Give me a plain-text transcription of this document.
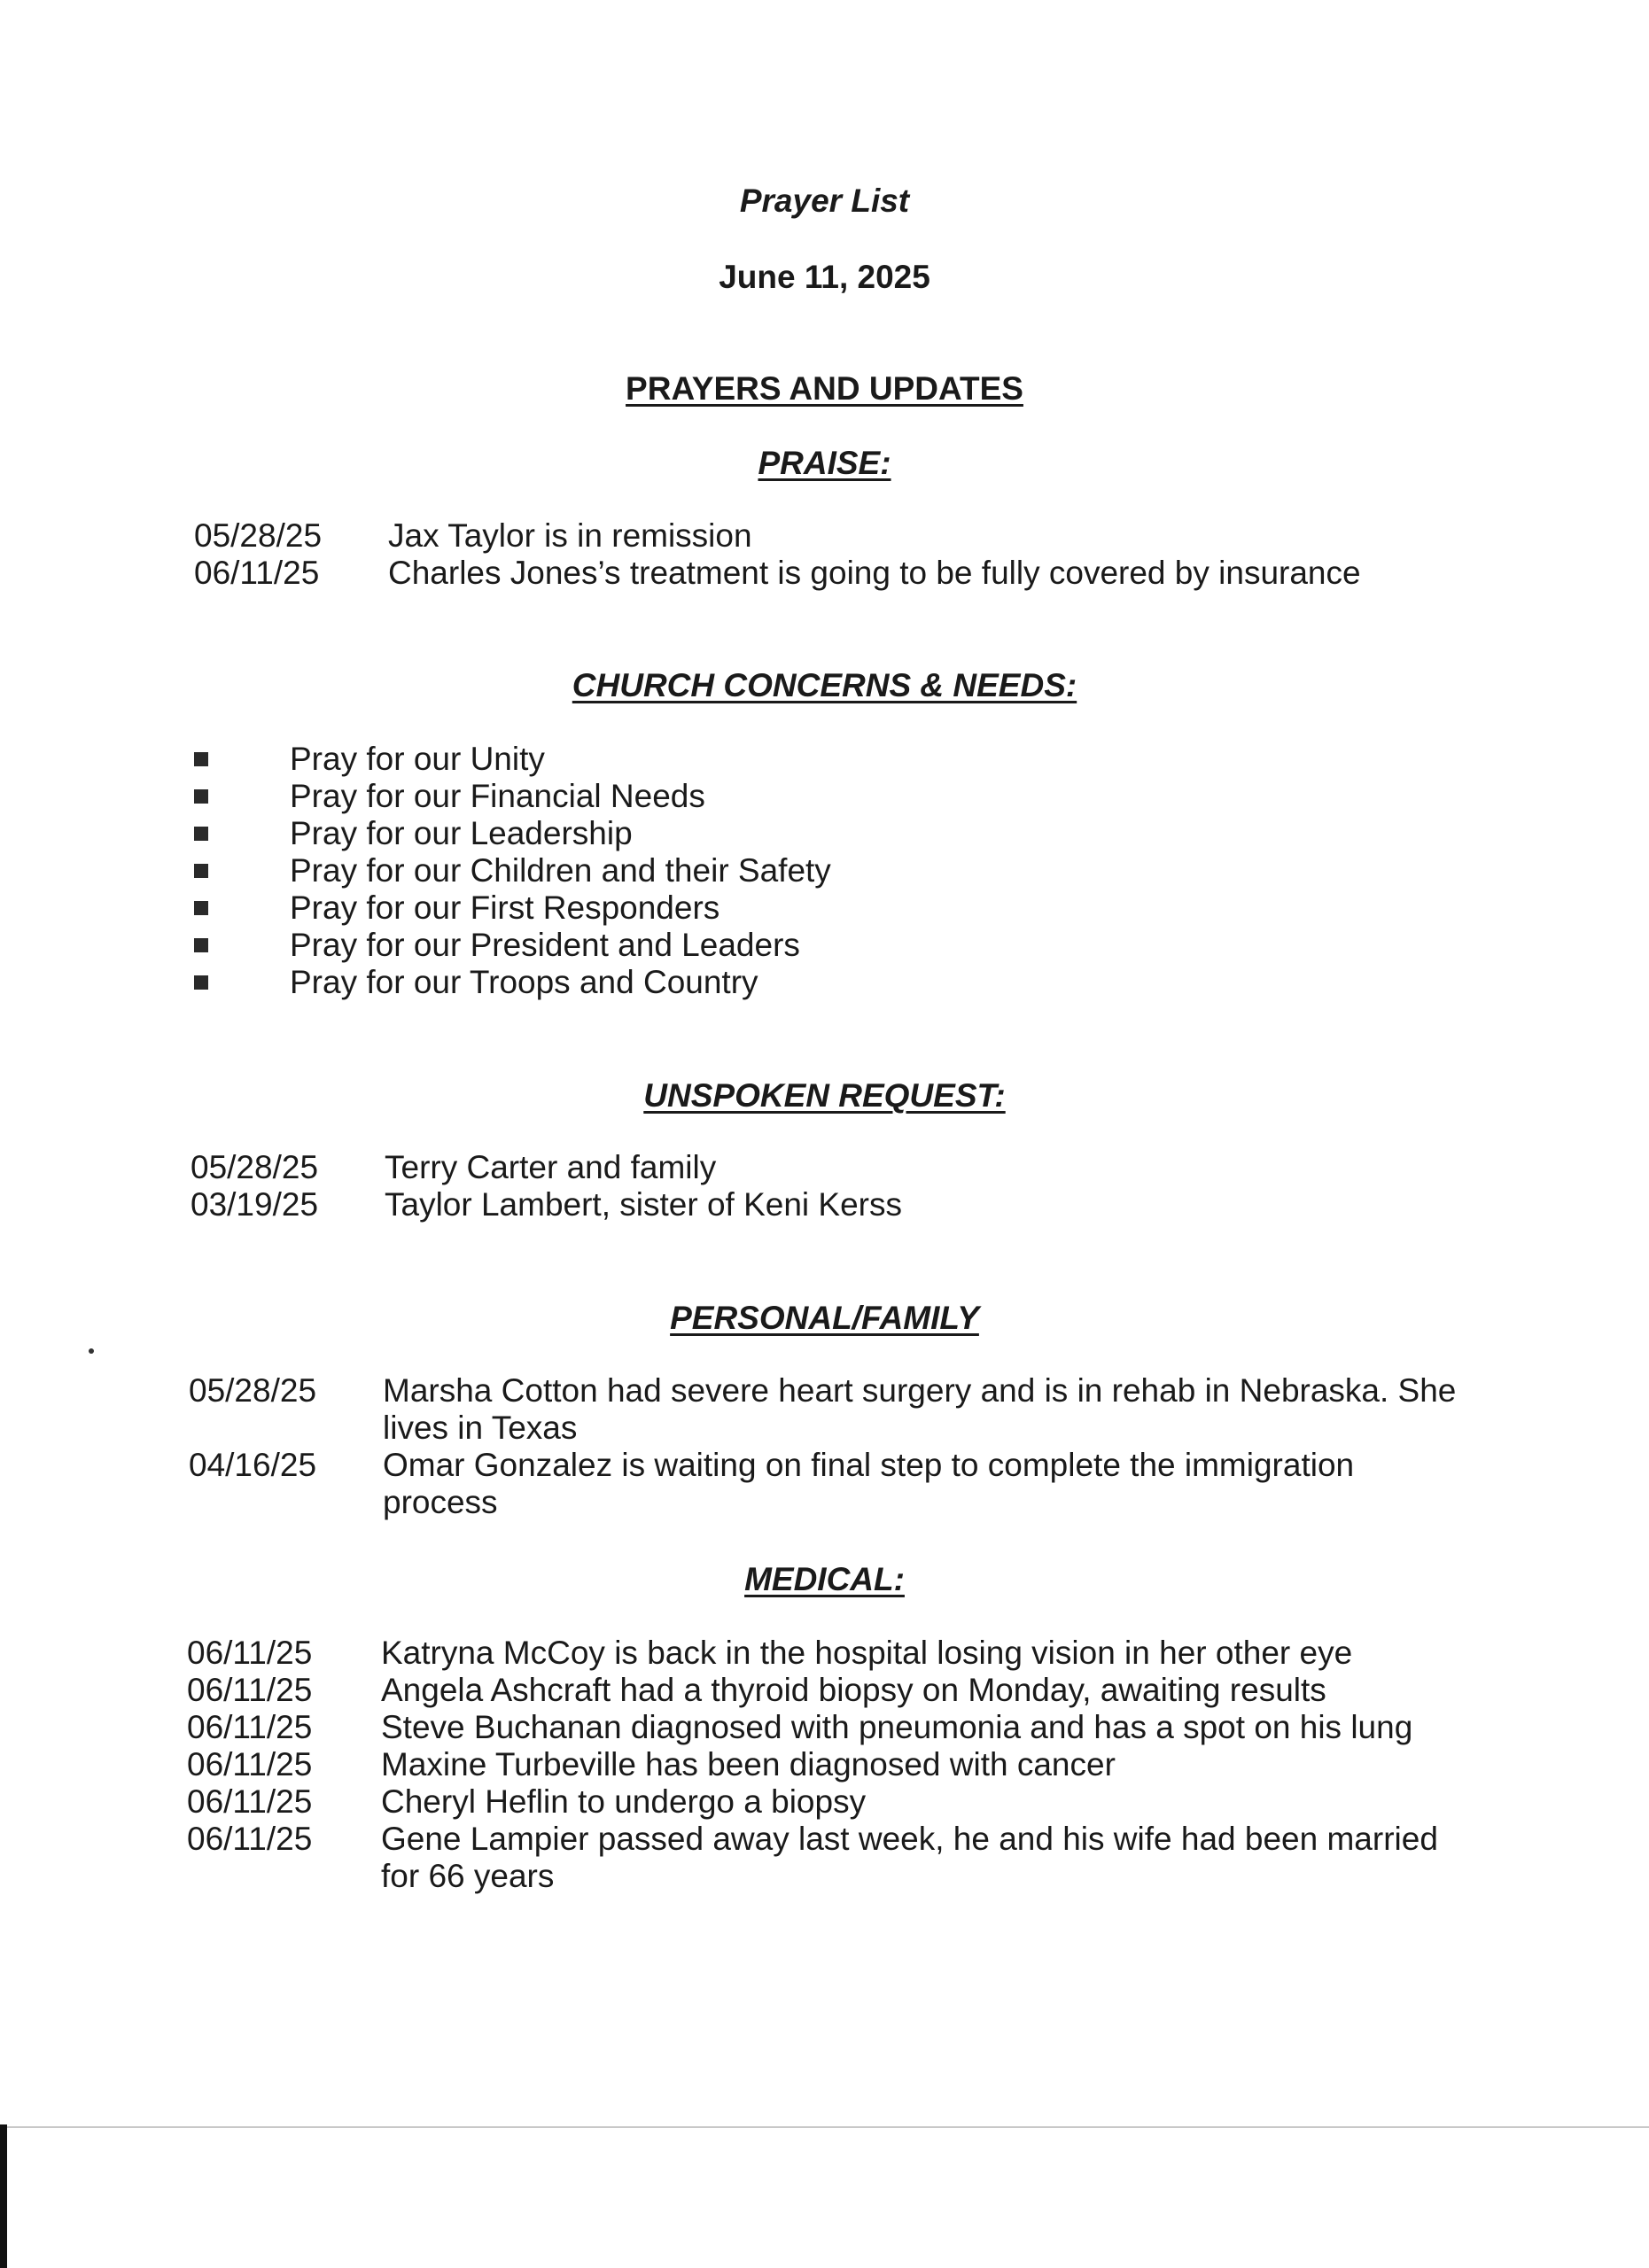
Prayer List
June 11, 2025
PRAYERS AND UPDATES
PRAISE:
05/28/25	Jax Taylor is in remission
06/11/25	Charles Jones’s treatment is going to be fully covered by insurance
CHURCH CONCERNS & NEEDS:
Pray for our Unity
Pray for our Financial Needs
Pray for our Leadership
Pray for our Children and their Safety
Pray for our First Responders
Pray for our President and Leaders
Pray for our Troops and Country
UNSPOKEN REQUEST:
05/28/25	Terry Carter and family
03/19/25	Taylor Lambert, sister of Keni Kerss
PERSONAL/FAMILY
05/28/25	Marsha Cotton had severe heart surgery and is in rehab in Nebraska. She lives in Texas
04/16/25	Omar Gonzalez is waiting on final step to complete the immigration process
MEDICAL:
06/11/25	Katryna McCoy is back in the hospital losing vision in her other eye
06/11/25	Angela Ashcraft had a thyroid biopsy on Monday, awaiting results
06/11/25	Steve Buchanan diagnosed with pneumonia and has a spot on his lung
06/11/25	Maxine Turbeville has been diagnosed with cancer
06/11/25	Cheryl Heflin to undergo a biopsy
06/11/25	Gene Lampier passed away last week, he and his wife had been married for 66 years
